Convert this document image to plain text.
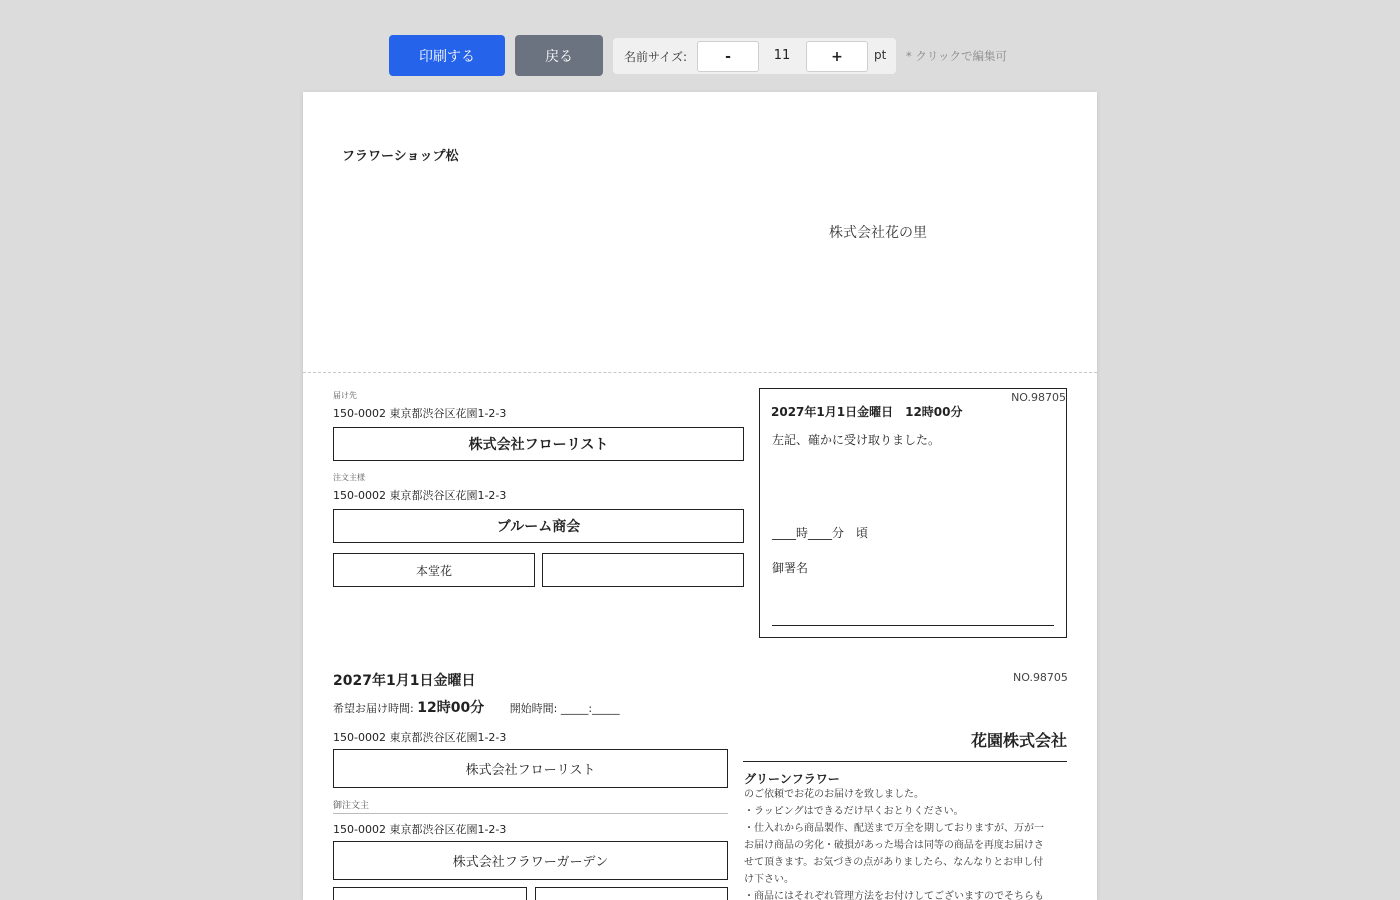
印刷する	戻る	名前サイズ:	-	11	+	pt * クリックで編集可
フラワーショップ松
株式会社花の里
届け先
150-0002 東京都渋谷区花園1-2-3
株式会社フローリスト
注文主様
150-0002 東京都渋谷区花園1-2-3
ブルーム商会
本堂花
NO.98705
2027年1月1日金曜日　12時00分
左記、確かに受け取りました。
____時____分　頃
御署名
2027年1月1日金曜日	NO.98705
希望お届け時間: 12時00分 開始時間: _____:_____
150-0002 東京都渋谷区花園1-2-3
株式会社フローリスト
御注文主
150-0002 東京都渋谷区花園1-2-3
株式会社フラワーガーデン
花園株式会社
グリーンフラワー
のご依頼でお花のお届けを致しました。
・ラッピングはできるだけ早くおとりください。
・仕入れから商品製作、配送まで万全を期しておりますが、万が一
お届け商品の劣化・破損があった場合は同等の商品を再度お届けさ
せて頂きます。お気づきの点がありましたら、なんなりとお申し付
け下さい。
・商品にはそれぞれ管理方法をお付けしてございますのでそちらも
